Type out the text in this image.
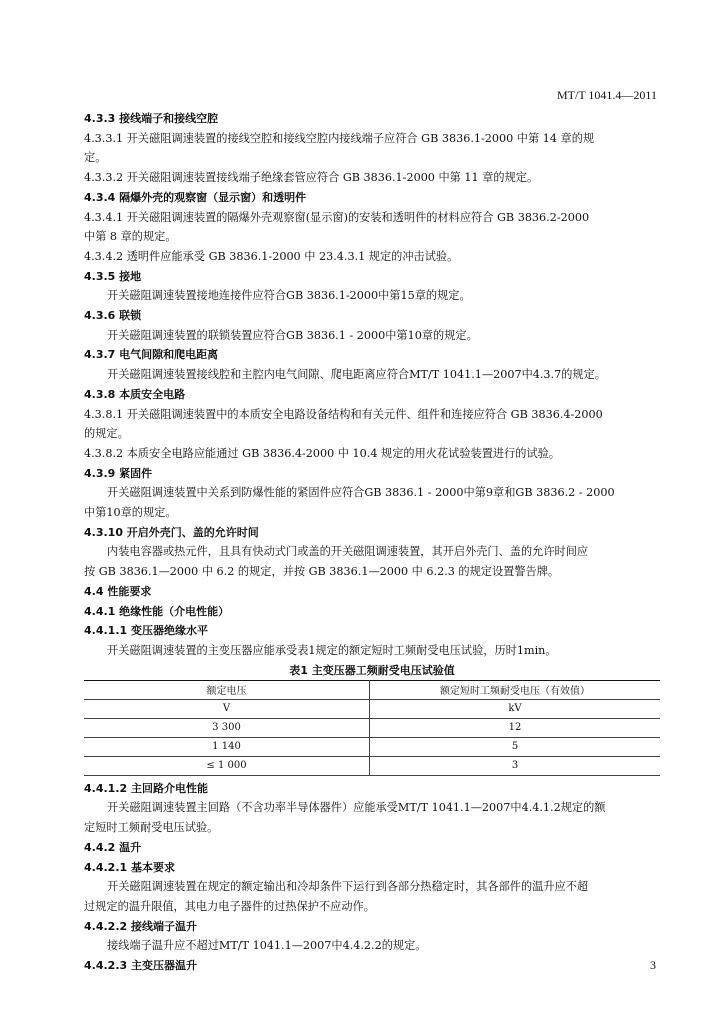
MT/T 1041.4—2011
4.3.3 接线端子和接线空腔
4.3.3.1 开关磁阻调速装置的接线空腔和接线空腔内接线端子应符合 GB 3836.1-2000 中第 14 章的规
定。
4.3.3.2 开关磁阻调速装置接线端子绝缘套管应符合 GB 3836.1-2000 中第 11 章的规定。
4.3.4 隔爆外壳的观察窗（显示窗）和透明件
4.3.4.1 开关磁阻调速装置的隔爆外壳观察窗(显示窗)的安装和透明件的材料应符合 GB 3836.2-2000
中第 8 章的规定。
4.3.4.2 透明件应能承受 GB 3836.1-2000 中 23.4.3.1 规定的冲击试验。
4.3.5 接地
开关磁阻调速装置接地连接件应符合GB 3836.1-2000中第15章的规定。
4.3.6 联锁
开关磁阻调速装置的联锁装置应符合GB 3836.1 - 2000中第10章的规定。
4.3.7 电气间隙和爬电距离
开关磁阻调速装置接线腔和主腔内电气间隙、爬电距离应符合MT/T 1041.1—2007中4.3.7的规定。
4.3.8 本质安全电路
4.3.8.1 开关磁阻调速装置中的本质安全电路设备结构和有关元件、组件和连接应符合 GB 3836.4-2000
的规定。
4.3.8.2 本质安全电路应能通过 GB 3836.4-2000 中 10.4 规定的用火花试验装置进行的试验。
4.3.9 紧固件
开关磁阻调速装置中关系到防爆性能的紧固件应符合GB 3836.1 - 2000中第9章和GB 3836.2 - 2000
中第10章的规定。
4.3.10 开启外壳门、盖的允许时间
内装电容器或热元件，且具有快动式门或盖的开关磁阻调速装置，其开启外壳门、盖的允许时间应
按 GB 3836.1—2000 中 6.2 的规定，并按 GB 3836.1—2000 中 6.2.3 的规定设置警告牌。
4.4 性能要求
4.4.1 绝缘性能（介电性能）
4.4.1.1 变压器绝缘水平
开关磁阻调速装置的主变压器应能承受表1规定的额定短时工频耐受电压试验，历时1min。
表1 主变压器工频耐受电压试验值
额定电压	额定短时工频耐受电压（有效值）
V	kV
3 300	12
1 140	5
≤ 1 000	3
4.4.1.2 主回路介电性能
开关磁阻调速装置主回路（不含功率半导体器件）应能承受MT/T 1041.1—2007中4.4.1.2规定的额
定短时工频耐受电压试验。
4.4.2 温升
4.4.2.1 基本要求
开关磁阻调速装置在规定的额定输出和冷却条件下运行到各部分热稳定时，其各部件的温升应不超
过规定的温升限值，其电力电子器件的过热保护不应动作。
4.4.2.2 接线端子温升
接线端子温升应不超过MT/T 1041.1—2007中4.4.2.2的规定。
4.4.2.3 主变压器温升	3
